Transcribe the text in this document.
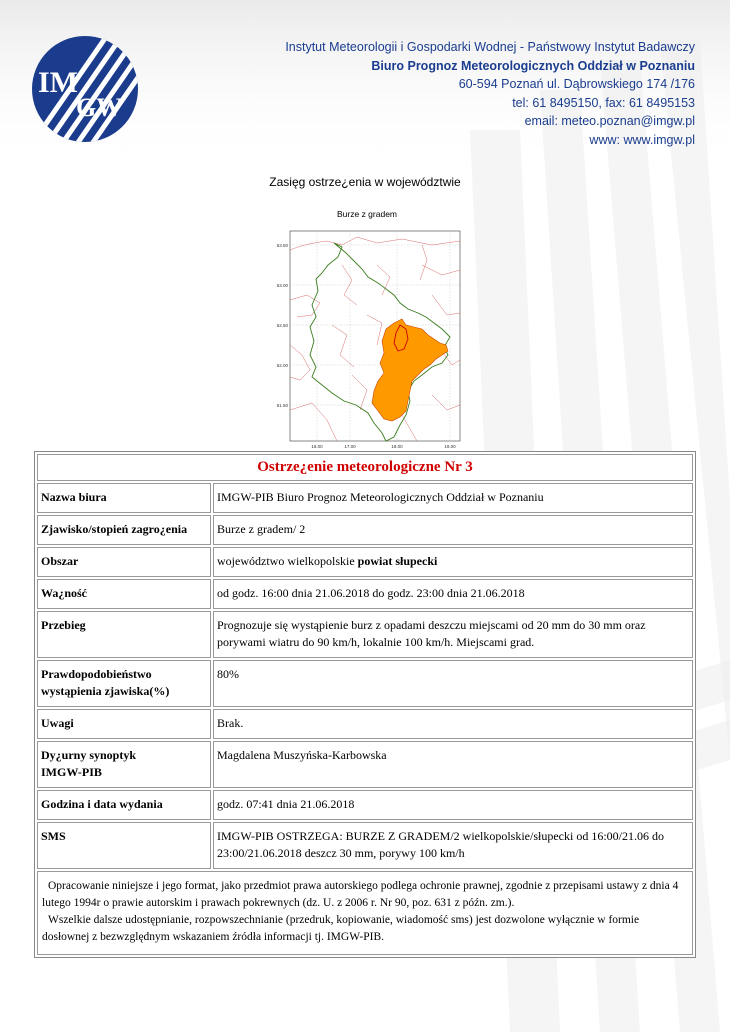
IM
GW
Instytut Meteorologii i Gospodarki Wodnej - Państwowy Instytut Badawczy
Biuro Prognoz Meteorologicznych Oddział w Poznaniu
60-594 Poznań ul. Dąbrowskiego 174 /176
tel: 61 8495150, fax: 61 8495153
email: meteo.poznan@imgw.pl
www: www.imgw.pl
Zasięg ostrze¿enia w województwie
Burze z gradem
53.50
53.00
52.50
52.00
51.50
16.00	17.00	18.00	19.00
Ostrze¿enie meteorologiczne Nr 3	
Nazwa biura	IMGW-PIB Biuro Prognoz Meteorologicznych Oddział w Poznaniu
Zjawisko/stopień zagro¿enia	Burze z gradem/ 2
Obszar	województwo wielkopolskie powiat słupecki
Wa¿ność	od godz. 16:00 dnia 21.06.2018 do godz. 23:00 dnia 21.06.2018
Przebieg	Prognozuje się wystąpienie burz z opadami deszczu miejscami od 20 mm do 30 mm oraz porywami wiatru do 90 km/h, lokalnie 100 km/h. Miejscami grad.
Prawdopodobieństwo
wystąpienia zjawiska(%)	80%
Uwagi	Brak.
Dy¿urny synoptyk
IMGW-PIB	Magdalena Muszyńska-Karbowska
Godzina i data wydania	godz. 07:41 dnia 21.06.2018
SMS	IMGW-PIB OSTRZEGA: BURZE Z GRADEM/2 wielkopolskie/słupecki od 16:00/21.06 do 23:00/21.06.2018 deszcz 30 mm, porywy 100 km/h

Opracowanie niniejsze i jego format, jako przedmiot prawa autorskiego podlega ochronie prawnej, zgodnie z przepisami ustawy z dnia 4 lutego 1994r o prawie autorskim i prawach pokrewnych (dz. U. z 2006 r. Nr 90, poz. 631 z późn. zm.).

Wszelkie dalsze udostępnianie, rozpowszechnianie (przedruk, kopiowanie, wiadomość sms) jest dozwolone wyłącznie w formie dosłownej z bezwzględnym wskazaniem źródła informacji tj. IMGW-PIB.	
